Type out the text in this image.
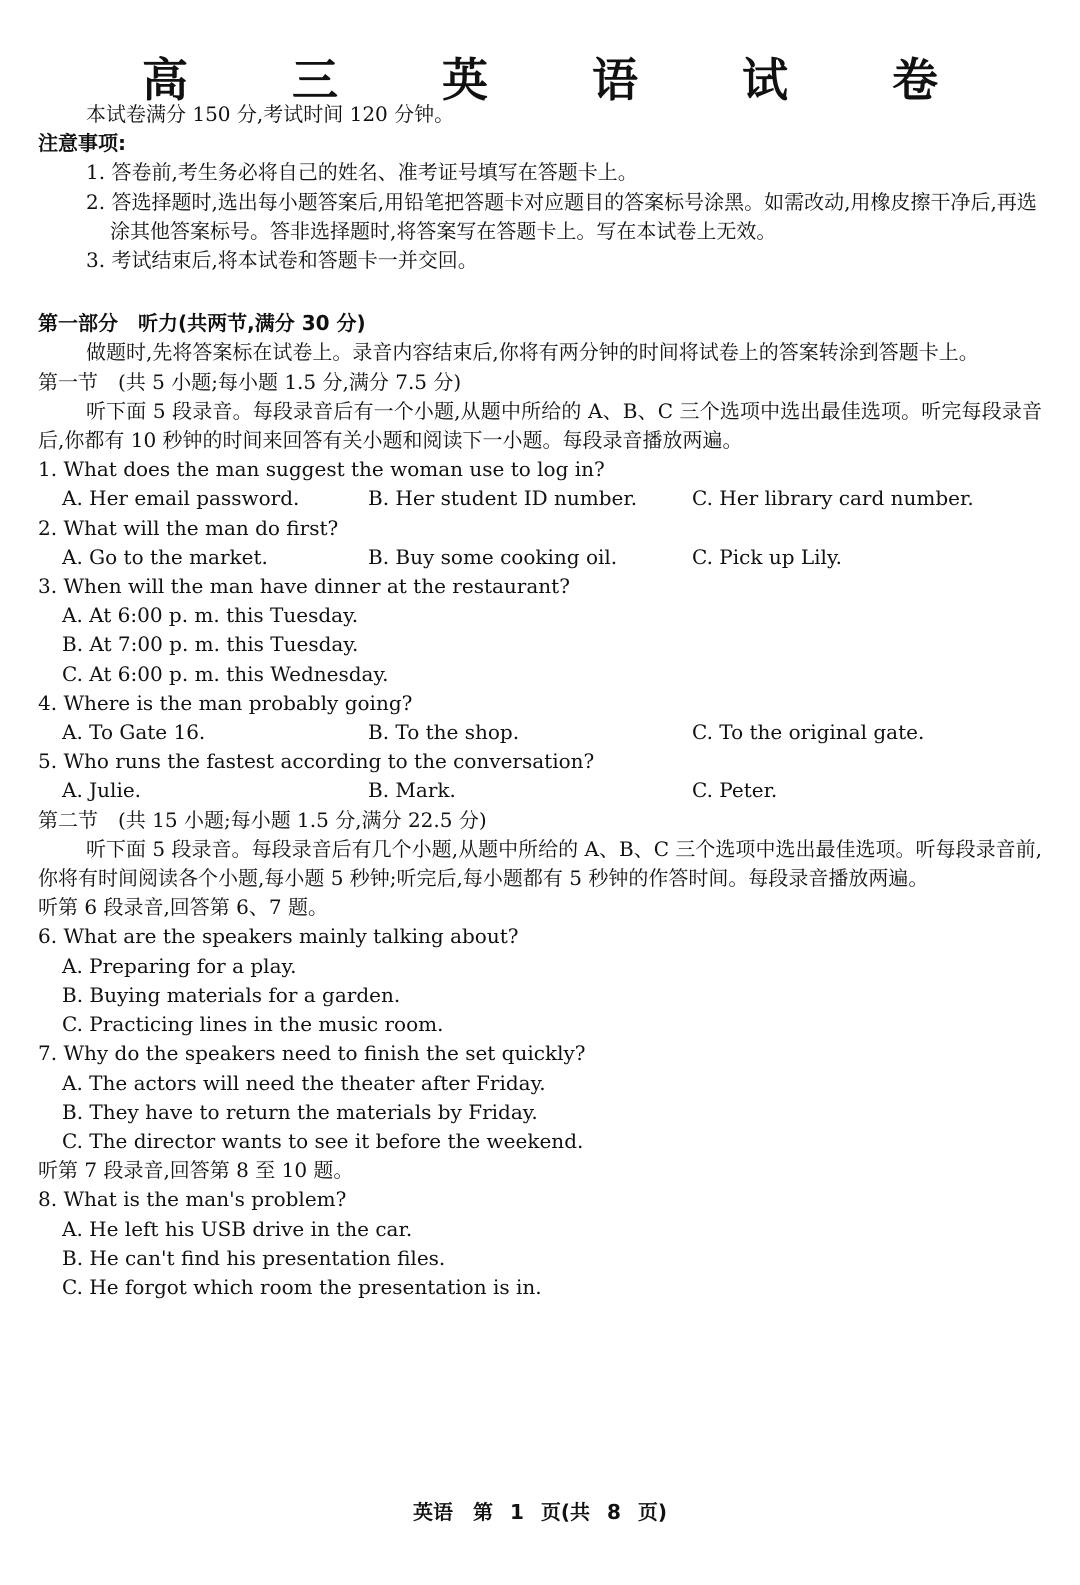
高 三 英 语 试 卷
本试卷满分 150 分,考试时间 120 分钟。
注意事项:
1. 答卷前,考生务必将自己的姓名、准考证号填写在答题卡上。
2. 答选择题时,选出每小题答案后,用铅笔把答题卡对应题目的答案标号涂黑。如需改动,用橡皮擦干净后,再选涂其他答案标号。答非选择题时,将答案写在答题卡上。写在本试卷上无效。
3. 考试结束后,将本试卷和答题卡一并交回。
第一部分　听力(共两节,满分 30 分)
做题时,先将答案标在试卷上。录音内容结束后,你将有两分钟的时间将试卷上的答案转涂到答题卡上。
第一节　(共 5 小题;每小题 1.5 分,满分 7.5 分)
听下面 5 段录音。每段录音后有一个小题,从题中所给的 A、B、C 三个选项中选出最佳选项。听完每段录音后,你都有 10 秒钟的时间来回答有关小题和阅读下一小题。每段录音播放两遍。
1. What does the man suggest the woman use to log in?
A. Her email password.	B. Her student ID number.	C. Her library card number.
2. What will the man do first?
A. Go to the market.	B. Buy some cooking oil.	C. Pick up Lily.
3. When will the man have dinner at the restaurant?
A. At 6:00 p. m. this Tuesday.
B. At 7:00 p. m. this Tuesday.
C. At 6:00 p. m. this Wednesday.
4. Where is the man probably going?
A. To Gate 16.	B. To the shop.	C. To the original gate.
5. Who runs the fastest according to the conversation?
A. Julie.	B. Mark.	C. Peter.
第二节　(共 15 小题;每小题 1.5 分,满分 22.5 分)
听下面 5 段录音。每段录音后有几个小题,从题中所给的 A、B、C 三个选项中选出最佳选项。听每段录音前,你将有时间阅读各个小题,每小题 5 秒钟;听完后,每小题都有 5 秒钟的作答时间。每段录音播放两遍。
听第 6 段录音,回答第 6、7 题。
6. What are the speakers mainly talking about?
A. Preparing for a play.
B. Buying materials for a garden.
C. Practicing lines in the music room.
7. Why do the speakers need to finish the set quickly?
A. The actors will need the theater after Friday.
B. They have to return the materials by Friday.
C. The director wants to see it before the weekend.
听第 7 段录音,回答第 8 至 10 题。
8. What is the man's problem?
A. He left his USB drive in the car.
B. He can't find his presentation files.
C. He forgot which room the presentation is in.
英语　第 1 页(共 8 页)
